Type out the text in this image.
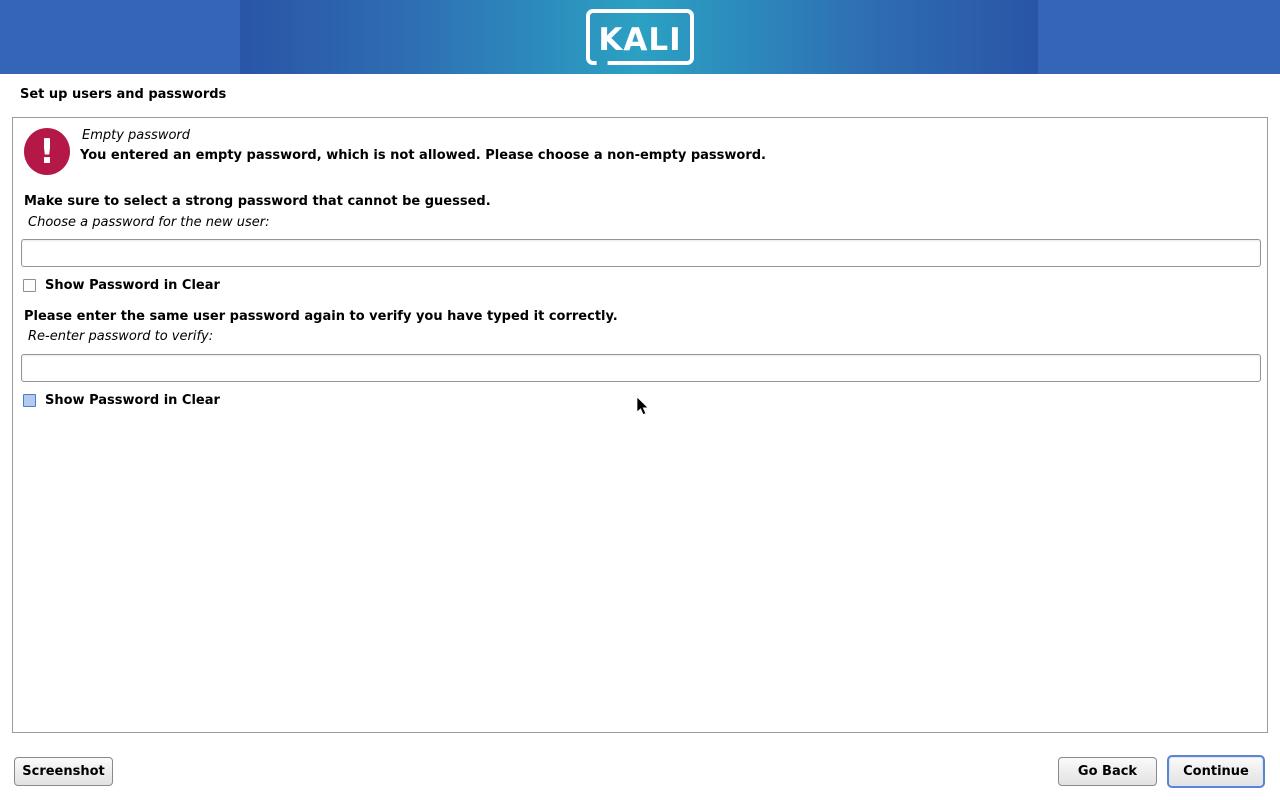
KALI
Set up users and passwords
! Empty password
You entered an empty password, which is not allowed. Please choose a non-empty password.
Make sure to select a strong password that cannot be guessed.
Choose a password for the new user:
Show Password in Clear
Please enter the same user password again to verify you have typed it correctly.
Re-enter password to verify:
Show Password in Clear
Screenshot	Go Back	Continue
